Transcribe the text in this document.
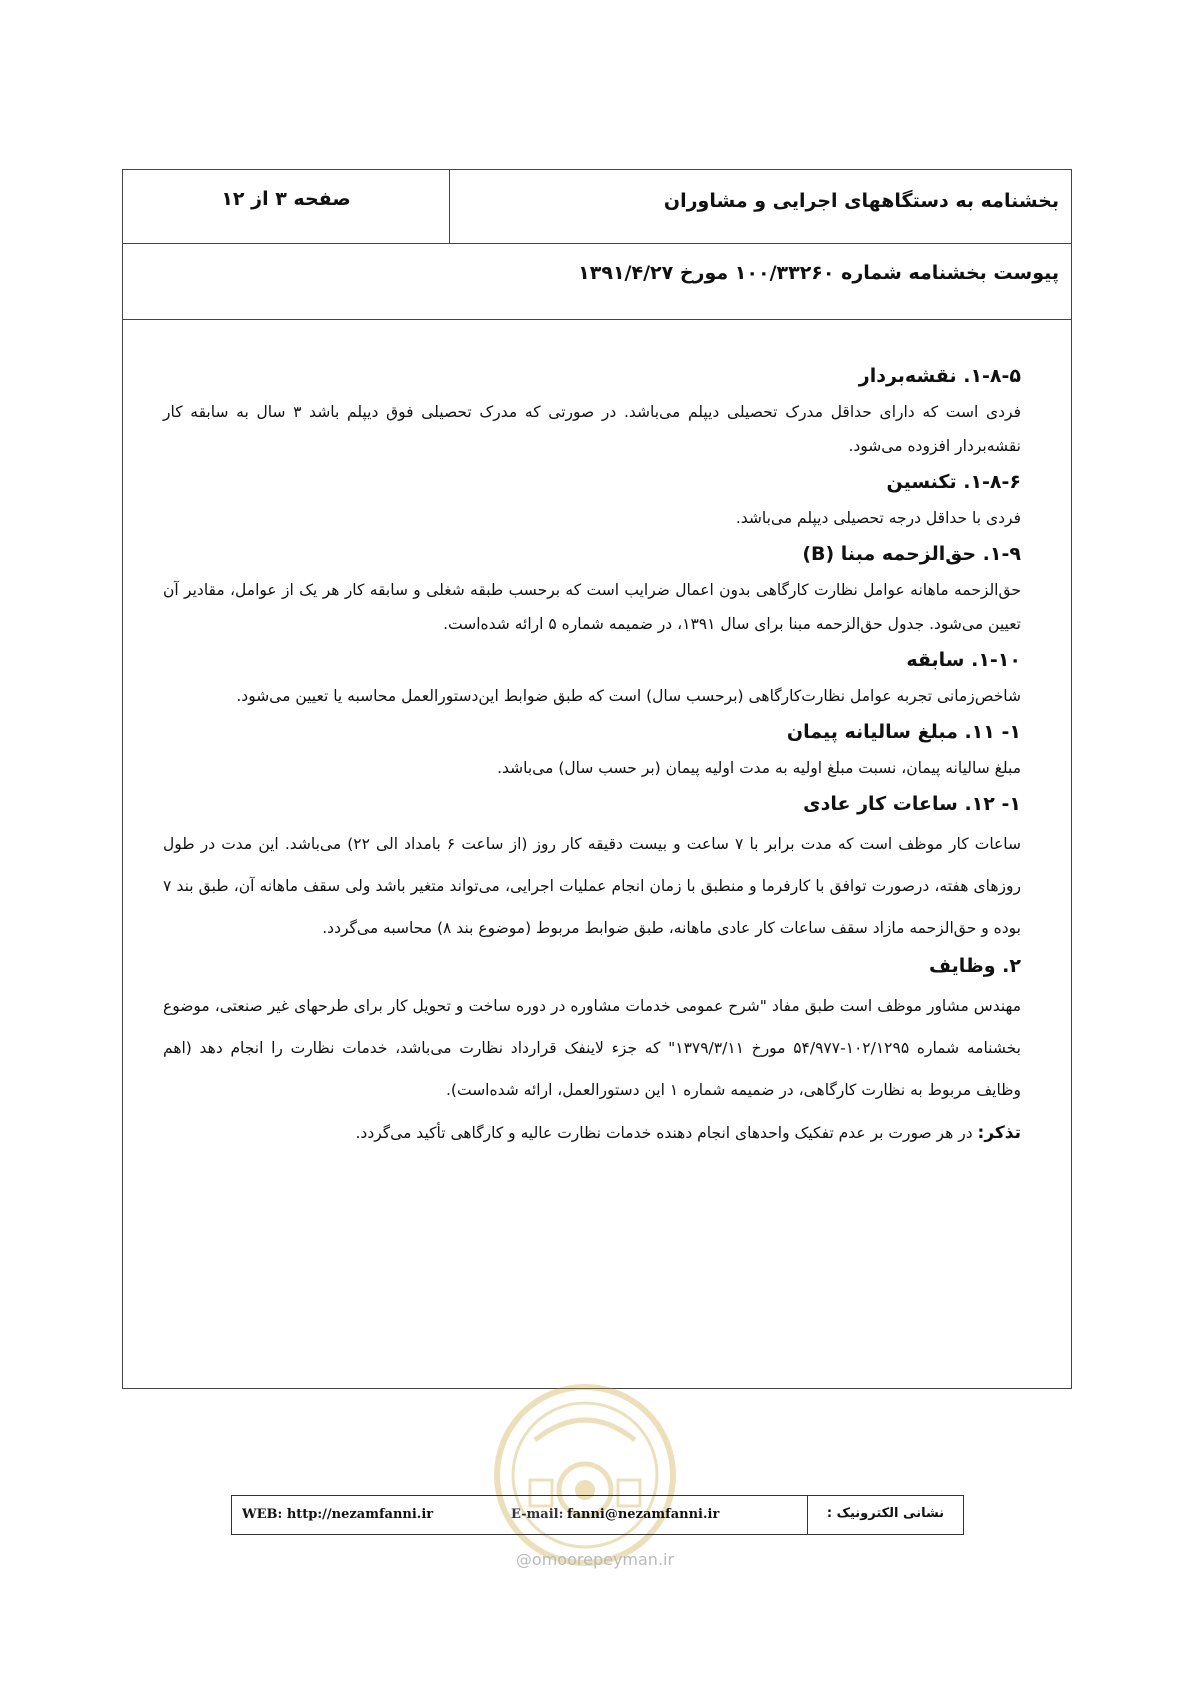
بخشنامه به دستگاههای اجرایی و مشاوران
صفحه ۳ از ۱۲
پیوست بخشنامه شماره ۱۰۰/۳۳۲۶۰ مورخ ۱۳۹۱/۴/۲۷
۱-۸-۵. نقشه‌بردار
فردی است که دارای حداقل مدرک تحصیلی دیپلم می‌باشد. در صورتی که مدرک تحصیلی فوق دیپلم باشد ۳ سال به سابقه کار نقشه‌بردار افزوده می‌شود.
۱-۸-۶. تکنسین
فردی با حداقل درجه تحصیلی دیپلم می‌باشد.
۱-۹. حق‌الزحمه مبنا (B)
حق‌الزحمه ماهانه عوامل نظارت کارگاهی بدون اعمال ضرایب است که برحسب طبقه شغلی و سابقه کار هر یک از عوامل، مقادیر آن تعیین می‌شود. جدول حق‌الزحمه مبنا برای سال ۱۳۹۱، در ضمیمه شماره ۵ ارائه شده‌است.
۱-۱۰. سابقه
شاخص‌زمانی تجربه عوامل نظارت‌کارگاهی (برحسب سال) است که طبق ضوابط این‌دستورالعمل محاسبه یا تعیین می‌شود.
۱- ۱۱. مبلغ سالیانه پیمان
مبلغ سالیانه پیمان، نسبت مبلغ اولیه به مدت اولیه پیمان (بر حسب سال) می‌باشد.
۱- ۱۲. ساعات کار عادی
ساعات کار موظف است که مدت برابر با ۷ ساعت و بیست دقیقه کار روز (از ساعت ۶ بامداد الی ۲۲) می‌باشد. این مدت در طول روزهای هفته، درصورت توافق با کارفرما و منطبق با زمان انجام عملیات اجرایی، می‌تواند متغیر باشد ولی سقف ماهانه آن، طبق بند ۷ بوده و حق‌الزحمه مازاد سقف ساعات کار عادی ماهانه، طبق ضوابط مربوط (موضوع بند ۸) محاسبه می‌گردد.
۲. وظایف
مهندس مشاور موظف است طبق مفاد "شرح عمومی خدمات مشاوره در دوره ساخت و تحویل کار برای طرحهای غیر صنعتی، موضوع بخشنامه شماره ۱۰۲/۱۲۹۵-۵۴/۹۷۷ مورخ ۱۳۷۹/۳/۱۱" که جزء لاینفک قرارداد نظارت می‌باشد، خدمات نظارت را انجام دهد (اهم وظایف مربوط به نظارت کارگاهی، در ضمیمه شماره ۱ این دستورالعمل، ارائه شده‌است).
تذکر: در هر صورت بر عدم تفکیک واحدهای انجام دهنده خدمات نظارت عالیه و کارگاهی تأکید می‌گردد.
نشانی الکترونیک :
WEB: http://nezamfanni.ir	E-mail: fanni@nezamfanni.ir
@omoorepeyman.ir
